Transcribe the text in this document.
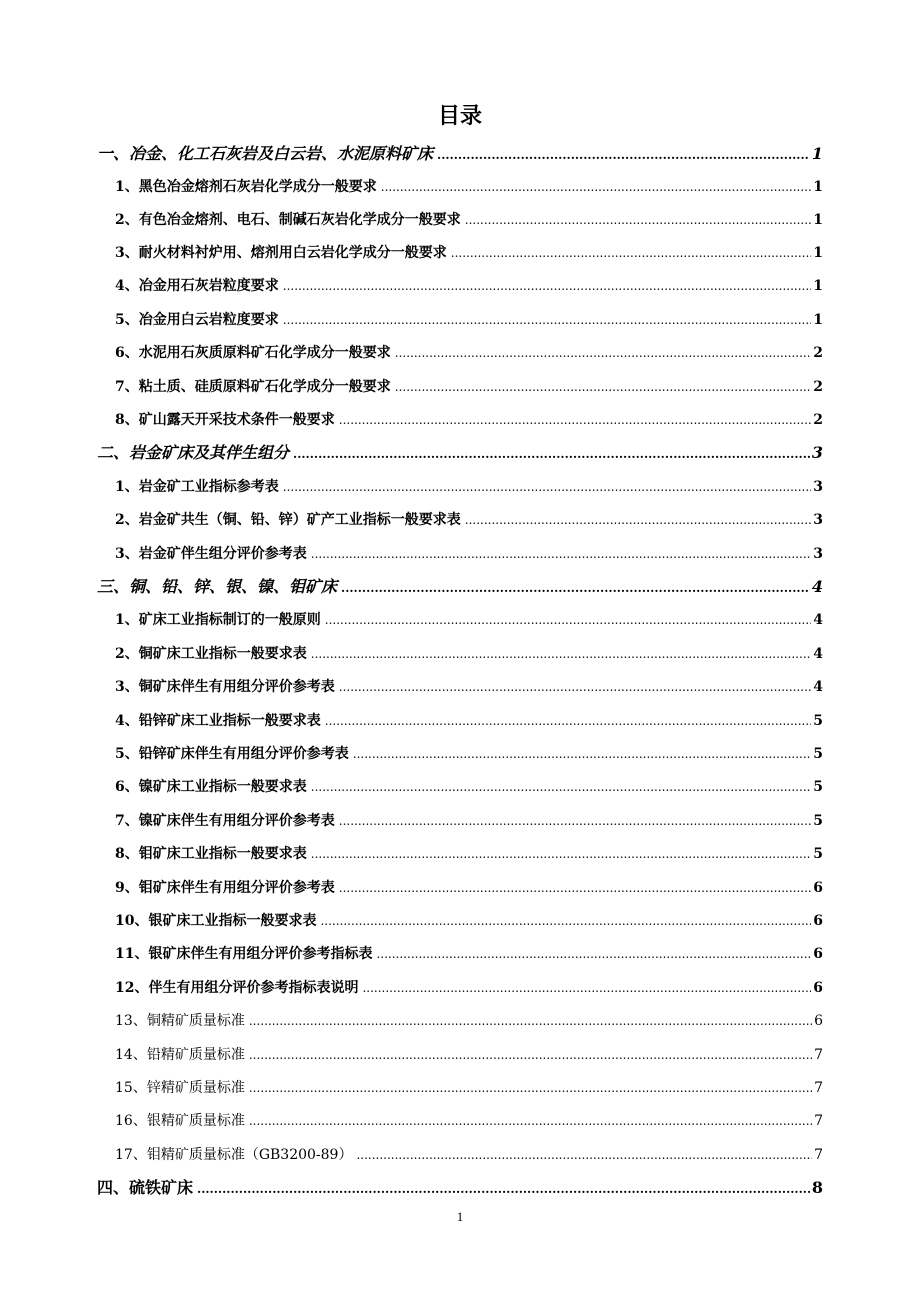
目录
一、冶金、化工石灰岩及白云岩、水泥原料矿床 .....	1
1、黑色冶金熔剂石灰岩化学成分一般要求 .....	1
2、有色冶金熔剂、电石、制碱石灰岩化学成分一般要求 .....	1
3、耐火材料衬炉用、熔剂用白云岩化学成分一般要求 .....	1
4、冶金用石灰岩粒度要求 .....	1
5、冶金用白云岩粒度要求 .....	1
6、水泥用石灰质原料矿石化学成分一般要求 .....	2
7、粘土质、硅质原料矿石化学成分一般要求 .....	2
8、矿山露天开采技术条件一般要求 .....	2
二、岩金矿床及其伴生组分 .....	3
1、岩金矿工业指标参考表 .....	3
2、岩金矿共生（铜、铅、锌）矿产工业指标一般要求表 .....	3
3、岩金矿伴生组分评价参考表 .....	3
三、铜、铅、锌、银、镍、钼矿床 .....	4
1、矿床工业指标制订的一般原则 .....	4
2、铜矿床工业指标一般要求表 .....	4
3、铜矿床伴生有用组分评价参考表 .....	4
4、铅锌矿床工业指标一般要求表 .....	5
5、铅锌矿床伴生有用组分评价参考表 .....	5
6、镍矿床工业指标一般要求表 .....	5
7、镍矿床伴生有用组分评价参考表 .....	5
8、钼矿床工业指标一般要求表 .....	5
9、钼矿床伴生有用组分评价参考表 .....	6
10、银矿床工业指标一般要求表 .....	6
11、银矿床伴生有用组分评价参考指标表 .....	6
12、伴生有用组分评价参考指标表说明 .....	6
13、铜精矿质量标准 .....	6
14、铅精矿质量标准 .....	7
15、锌精矿质量标准 .....	7
16、银精矿质量标准 .....	7
17、钼精矿质量标准（GB3200-89） .....	7
四、硫铁矿床 .....	8
1
